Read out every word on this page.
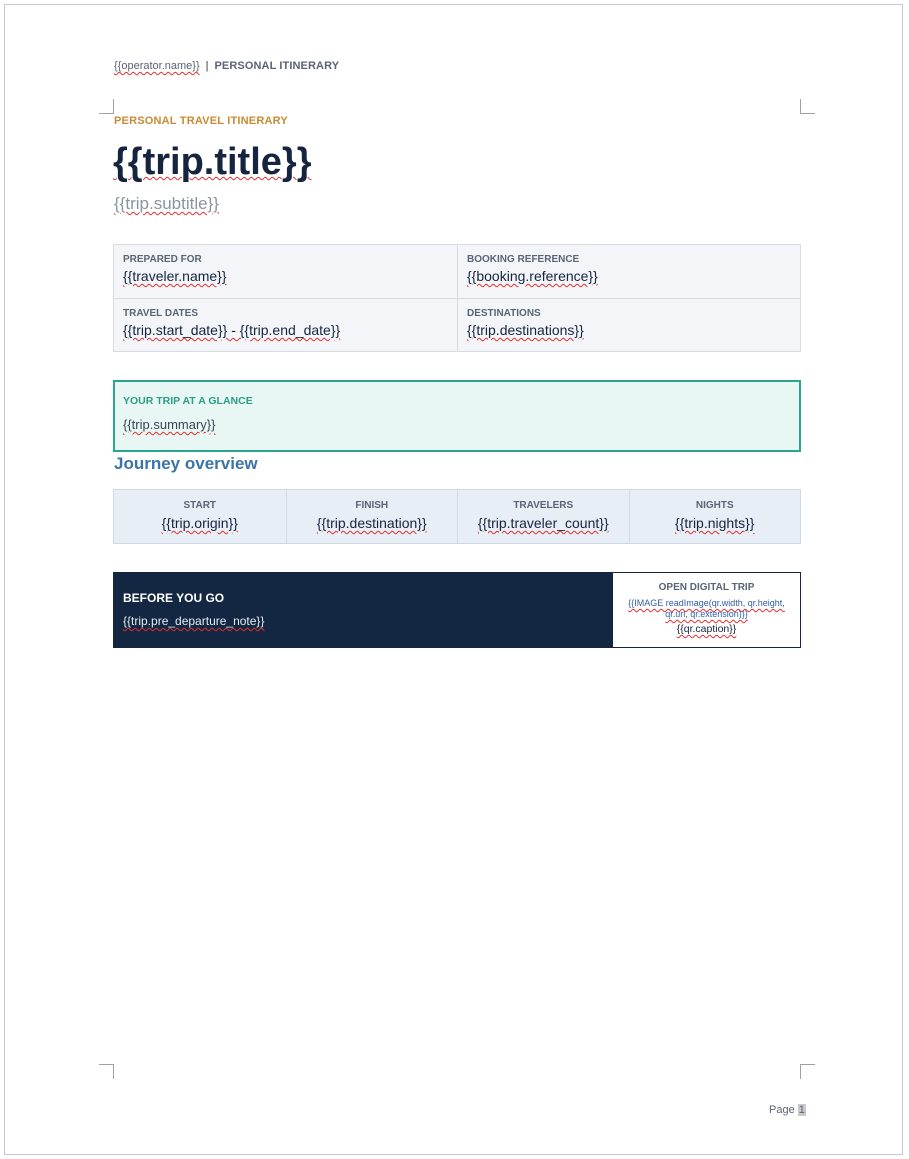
{{operator.name}} | PERSONAL ITINERARY
PERSONAL TRAVEL ITINERARY
{{trip.title}}
{{trip.subtitle}}
PREPARED FOR
{{traveler.name}}
BOOKING REFERENCE
{{booking.reference}}
TRAVEL DATES
{{trip.start_date}} - {{trip.end_date}}
DESTINATIONS
{{trip.destinations}}
YOUR TRIP AT A GLANCE
{{trip.summary}}
Journey overview
START
{{trip.origin}}
FINISH
{{trip.destination}}
TRAVELERS
{{trip.traveler_count}}
NIGHTS
{{trip.nights}}
BEFORE YOU GO
{{trip.pre_departure_note}}
OPEN DIGITAL TRIP
{{IMAGE readImage(qr.width, qr.height, qr.url, qr.extension)}}
{{qr.caption}}
Page 1
